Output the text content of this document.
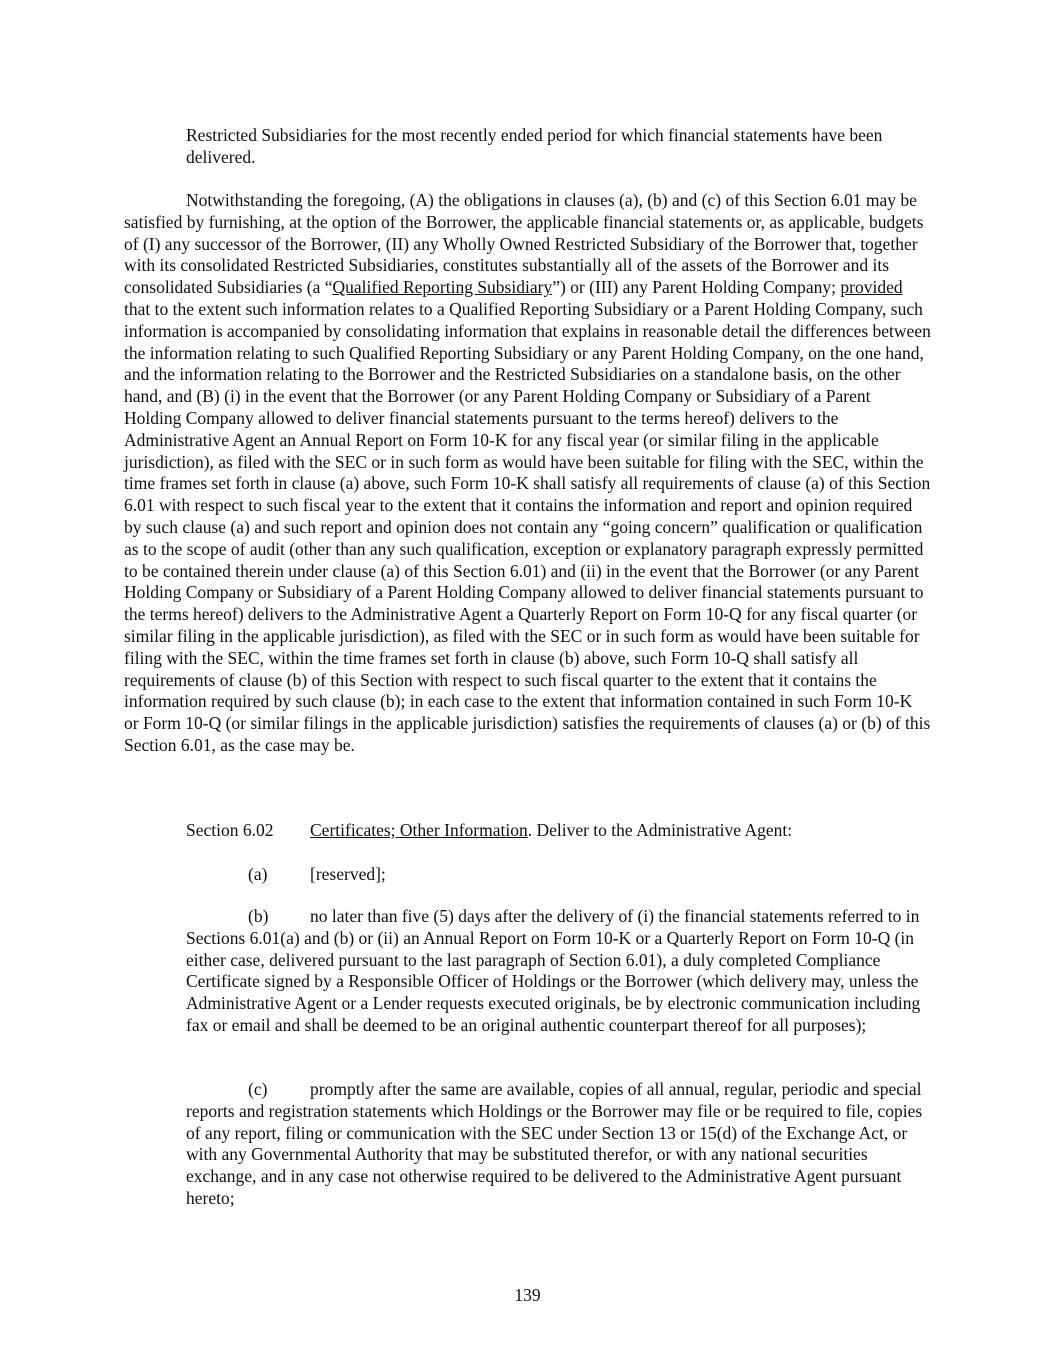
Restricted Subsidiaries for the most recently ended period for which financial statements have been delivered.

Notwithstanding the foregoing, (A) the obligations in clauses (a), (b) and (c) of this Section 6.01 may be satisfied by furnishing, at the option of the Borrower, the applicable financial statements or, as applicable, budgets of (I) any successor of the Borrower, (II) any Wholly Owned Restricted Subsidiary of the Borrower that, together with its consolidated Restricted Subsidiaries, constitutes substantially all of the assets of the Borrower and its consolidated Subsidiaries (a “Qualified Reporting Subsidiary”) or (III) any Parent Holding Company; provided that to the extent such information relates to a Qualified Reporting Subsidiary or a Parent Holding Company, such information is accompanied by consolidating information that explains in reasonable detail the differences between the information relating to such Qualified Reporting Subsidiary or any Parent Holding Company, on the one hand, and the information relating to the Borrower and the Restricted Subsidiaries on a standalone basis, on the other hand, and (B) (i) in the event that the Borrower (or any Parent Holding Company or Subsidiary of a Parent Holding Company allowed to deliver financial statements pursuant to the terms hereof) delivers to the Administrative Agent an Annual Report on Form 10-K for any fiscal year (or similar filing in the applicable jurisdiction), as filed with the SEC or in such form as would have been suitable for filing with the SEC, within the time frames set forth in clause (a) above, such Form 10-K shall satisfy all requirements of clause (a) of this Section 6.01 with respect to such fiscal year to the extent that it contains the information and report and opinion required by such clause (a) and such report and opinion does not contain any “going concern” qualification or qualification as to the scope of audit (other than any such qualification, exception or explanatory paragraph expressly permitted to be contained therein under clause (a) of this Section 6.01) and (ii) in the event that the Borrower (or any Parent Holding Company or Subsidiary of a Parent Holding Company allowed to deliver financial statements pursuant to the terms hereof) delivers to the Administrative Agent a Quarterly Report on Form 10-Q for any fiscal quarter (or similar filing in the applicable jurisdiction), as filed with the SEC or in such form as would have been suitable for filing with the SEC, within the time frames set forth in clause (b) above, such Form 10-Q shall satisfy all requirements of clause (b) of this Section with respect to such fiscal quarter to the extent that it contains the information required by such clause (b); in each case to the extent that information contained in such Form 10-K or Form 10-Q (or similar filings in the applicable jurisdiction) satisfies the requirements of clauses (a) or (b) of this Section 6.01, as the case may be.

Section 6.02 Certificates; Other Information. Deliver to the Administrative Agent:

(a) [reserved];

(b) no later than five (5) days after the delivery of (i) the financial statements referred to in Sections 6.01(a) and (b) or (ii) an Annual Report on Form 10-K or a Quarterly Report on Form 10-Q (in either case, delivered pursuant to the last paragraph of Section 6.01), a duly completed Compliance Certificate signed by a Responsible Officer of Holdings or the Borrower (which delivery may, unless the Administrative Agent or a Lender requests executed originals, be by electronic communication including fax or email and shall be deemed to be an original authentic counterpart thereof for all purposes);

(c) promptly after the same are available, copies of all annual, regular, periodic and special reports and registration statements which Holdings or the Borrower may file or be required to file, copies of any report, filing or communication with the SEC under Section 13 or 15(d) of the Exchange Act, or with any Governmental Authority that may be substituted therefor, or with any national securities exchange, and in any case not otherwise required to be delivered to the Administrative Agent pursuant hereto;

139
